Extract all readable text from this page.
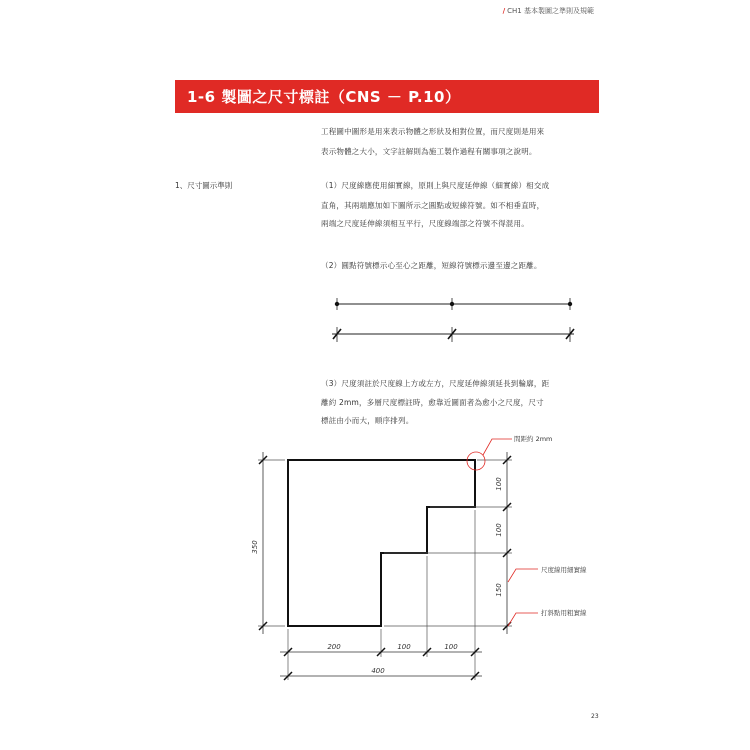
/ CH1 基本製圖之準則及規範
1-6 製圖之尺寸標註（CNS － P.10）
工程圖中圖形是用來表示物體之形狀及相對位置，而尺度則是用來
表示物體之大小，文字註解則為施工製作過程有關事項之說明。
1、尺寸圖示準則	（1）尺度線應使用細實線，原則上與尺度延伸線（細實線）相交成
直角，其兩端應加如下圖所示之圓點或短線符號。如不相垂直時，
兩端之尺度延伸線須相互平行，尺度線端部之符號不得混用。
（2）圓點符號標示心至心之距離，短線符號標示邊至邊之距離。
（3）尺度須註於尺度線上方或左方，尺度延伸線須延長到輪廓，距
離約 2mm，多層尺度標註時，愈靠近圖面者為愈小之尺度，尺寸
標註由小而大，順序排列。
350
100
100
150
200	100	100
400
間距約 2mm
尺度線用細實線
打斜點用粗實線
23
